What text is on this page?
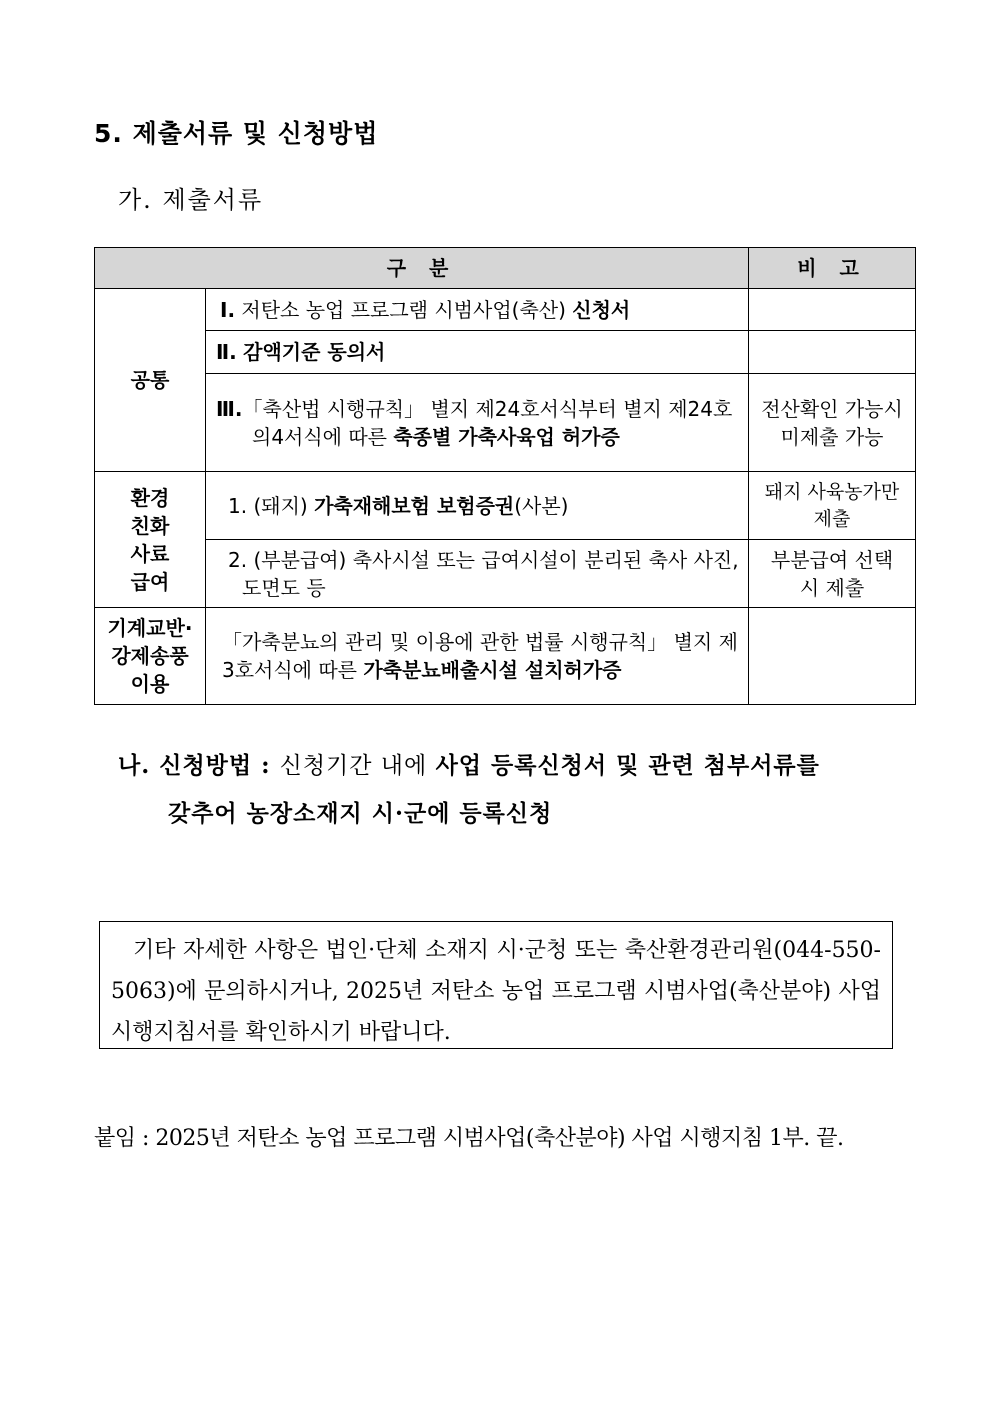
5. 제출서류 및 신청방법
가. 제출서류
구 분		비 고
공통	Ⅰ. 저탄소 농업 프로그램 시범사업(축산) 신청서	
	Ⅱ. 감액기준 동의서	
	Ⅲ.「축산법 시행규칙」 별지 제24호서식부터 별지 제24호의4서식에 따른 축종별 가축사육업 허가증	전산확인 가능시 미제출 가능
환경친화사료급여	1. (돼지) 가축재해보험 보험증권(사본)	돼지 사육농가만 제출
	2. (부분급여) 축사시설 또는 급여시설이 분리된 축사 사진, 도면도 등	부분급여 선택 시 제출
기계교반·강제송풍 이용	「가축분뇨의 관리 및 이용에 관한 법률 시행규칙」 별지 제3호서식에 따른 가축분뇨배출시설 설치허가증	
나. 신청방법 : 신청기간 내에 사업 등록신청서 및 관련 첨부서류를
갖추어 농장소재지 시·군에 등록신청

기타 자세한 사항은 법인·단체 소재지 시·군청 또는 축산환경관리원(044-550-5063)에 문의하시거나, 2025년 저탄소 농업 프로그램 시범사업(축산분야) 사업시행지침서를 확인하시기 바랍니다.

붙임 : 2025년 저탄소 농업 프로그램 시범사업(축산분야) 사업 시행지침 1부. 끝.
